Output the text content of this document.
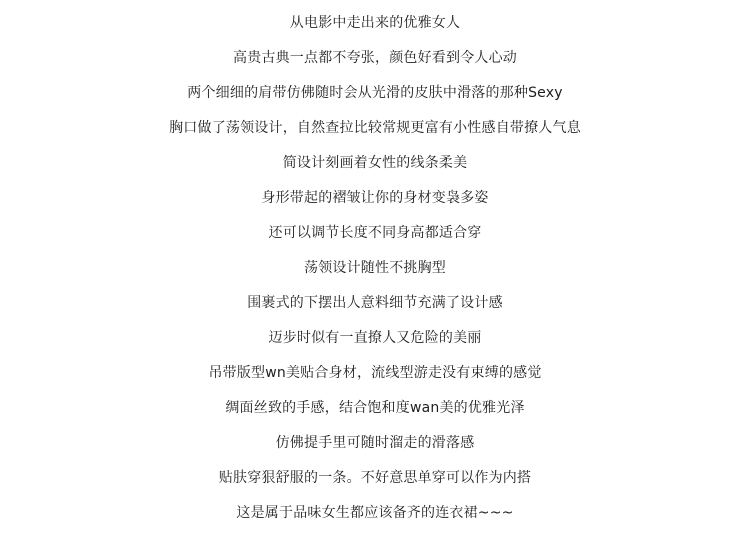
从电影中走出来的优雅女人
高贵古典一点都不夸张，颜色好看到令人心动
两个细细的肩带仿佛随时会从光滑的皮肤中滑落的那种Sexy
胸口做了荡领设计，自然查拉比较常规更富有小性感自带撩人气息
简设计刻画着女性的线条柔美
身形带起的褶皱让你的身材变袅多姿
还可以调节长度不同身高都适合穿
荡领设计随性不挑胸型
围裹式的下摆出人意料细节充满了设计感
迈步时似有一直撩人又危险的美丽
吊带版型wn美贴合身材，流线型游走没有束缚的感觉
绸面丝致的手感，结合饱和度wan美的优雅光泽
仿佛提手里可随时溜走的滑落感
贴肤穿狠舒服的一条。不好意思单穿可以作为内搭
这是属于品味女生都应该备齐的连衣裙~~~
